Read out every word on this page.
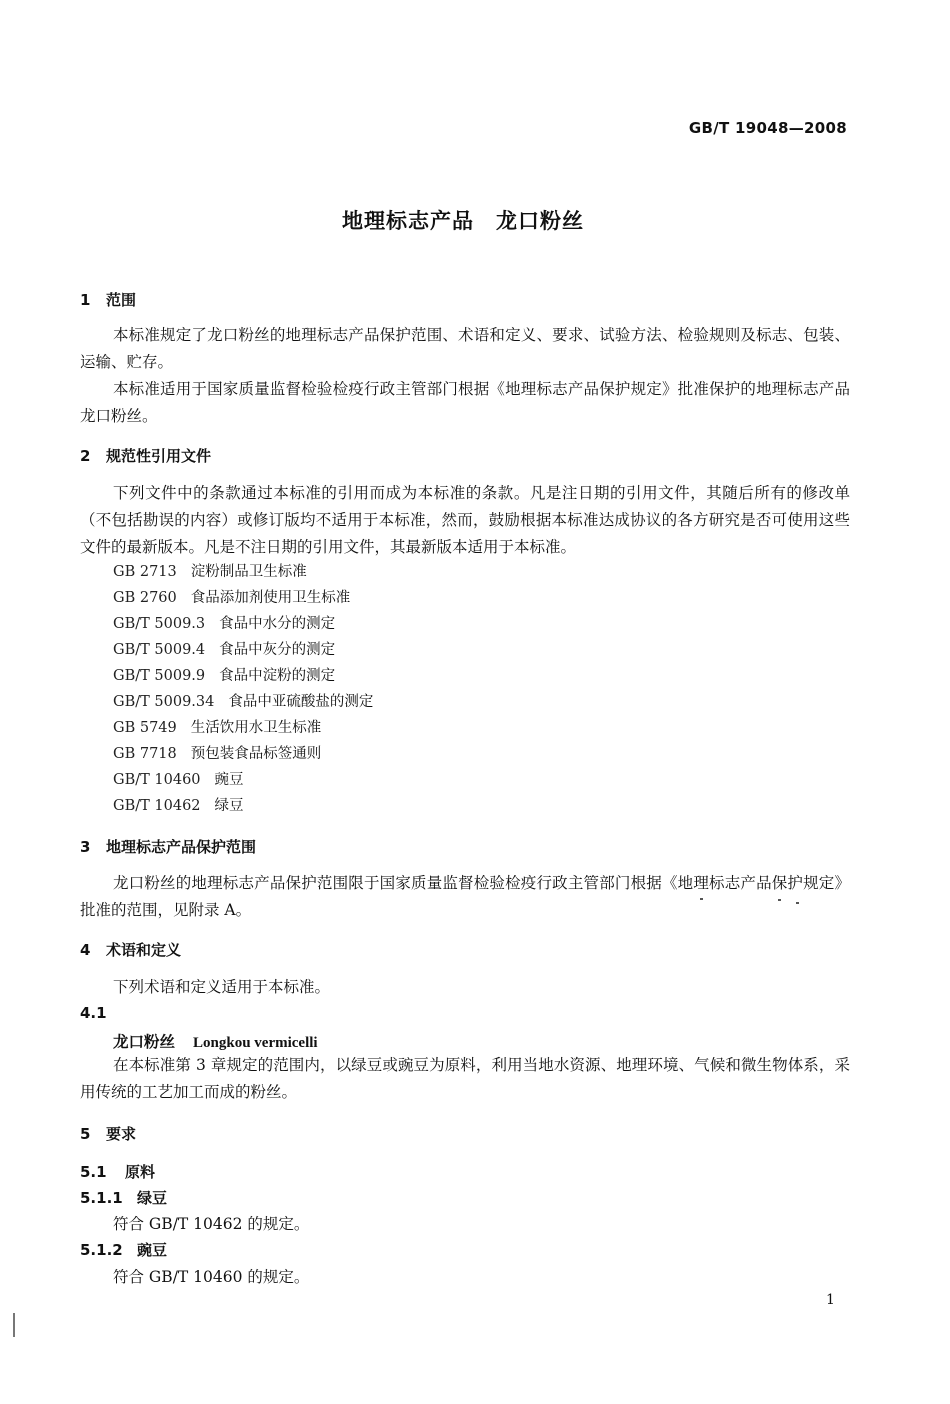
GB/T 19048—2008
地理标志产品　龙口粉丝
1 范围
本标准规定了龙口粉丝的地理标志产品保护范围、术语和定义、要求、试验方法、检验规则及标志、包装、运输、贮存。
本标准适用于国家质量监督检验检疫行政主管部门根据《地理标志产品保护规定》批准保护的地理标志产品龙口粉丝。
2 规范性引用文件
下列文件中的条款通过本标准的引用而成为本标准的条款。凡是注日期的引用文件，其随后所有的修改单（不包括勘误的内容）或修订版均不适用于本标准，然而，鼓励根据本标准达成协议的各方研究是否可使用这些文件的最新版本。凡是不注日期的引用文件，其最新版本适用于本标准。
GB 2713 淀粉制品卫生标准
GB 2760 食品添加剂使用卫生标准
GB/T 5009.3 食品中水分的测定
GB/T 5009.4 食品中灰分的测定
GB/T 5009.9 食品中淀粉的测定
GB/T 5009.34 食品中亚硫酸盐的测定
GB 5749 生活饮用水卫生标准
GB 7718 预包装食品标签通则
GB/T 10460 豌豆
GB/T 10462 绿豆
3 地理标志产品保护范围
龙口粉丝的地理标志产品保护范围限于国家质量监督检验检疫行政主管部门根据《地理标志产品保护规定》批准的范围，见附录 A。
4 术语和定义
下列术语和定义适用于本标准。
4.1
龙口粉丝 Longkou vermicelli
在本标准第 3 章规定的范围内，以绿豆或豌豆为原料，利用当地水资源、地理环境、气候和微生物体系，采用传统的工艺加工而成的粉丝。
5 要求
5.1 原料
5.1.1 绿豆
符合 GB/T 10462 的规定。
5.1.2 豌豆
符合 GB/T 10460 的规定。
1
